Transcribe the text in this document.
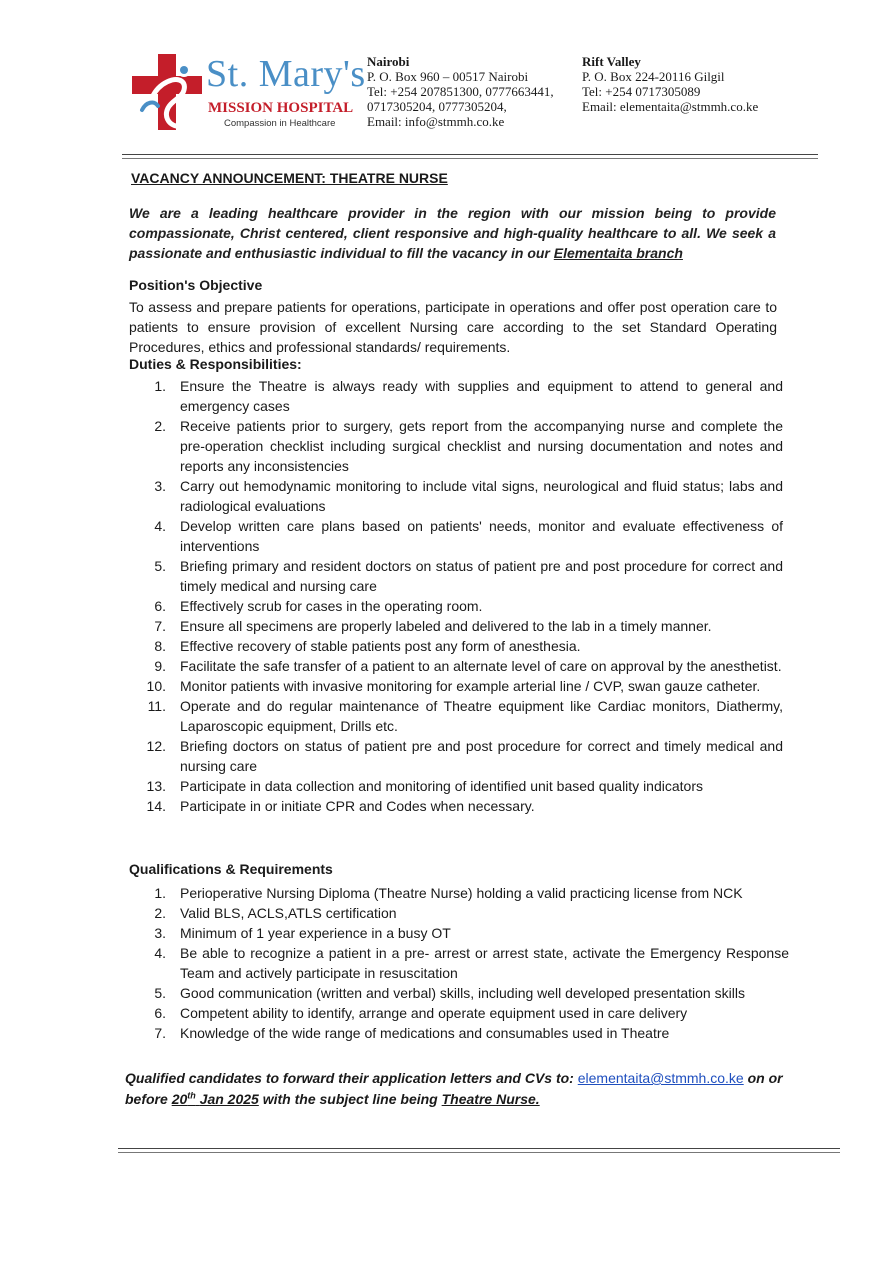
St. Mary's
MISSION HOSPITAL
Compassion in Healthcare
Nairobi
P. O. Box 960 – 00517 Nairobi
Tel: +254 207851300, 0777663441,
0717305204, 0777305204,
Email: info@stmmh.co.ke
Rift Valley
P. O. Box 224-20116 Gilgil
Tel: +254 0717305089
Email: elementaita@stmmh.co.ke
VACANCY ANNOUNCEMENT: THEATRE NURSE
We are a leading healthcare provider in the region with our mission being to provide compassionate, Christ centered, client responsive and high-quality healthcare to all. We seek a passionate and enthusiastic individual to fill the vacancy in our Elementaita branch
Position's Objective
To assess and prepare patients for operations, participate in operations and offer post operation care to patients to ensure provision of excellent Nursing care according to the set Standard Operating Procedures, ethics and professional standards/ requirements.
Duties & Responsibilities:
1. Ensure the Theatre is always ready with supplies and equipment to attend to general and emergency cases
2. Receive patients prior to surgery, gets report from the accompanying nurse and complete the pre-operation checklist including surgical checklist and nursing documentation and notes and reports any inconsistencies
3. Carry out hemodynamic monitoring to include vital signs, neurological and fluid status; labs and radiological evaluations
4. Develop written care plans based on patients' needs, monitor and evaluate effectiveness of interventions
5. Briefing primary and resident doctors on status of patient pre and post procedure for correct and timely medical and nursing care
6. Effectively scrub for cases in the operating room.
7. Ensure all specimens are properly labeled and delivered to the lab in a timely manner.
8. Effective recovery of stable patients post any form of anesthesia.
9. Facilitate the safe transfer of a patient to an alternate level of care on approval by the anesthetist.
10. Monitor patients with invasive monitoring for example arterial line / CVP, swan gauze catheter.
11. Operate and do regular maintenance of Theatre equipment like Cardiac monitors, Diathermy, Laparoscopic equipment, Drills etc.
12. Briefing doctors on status of patient pre and post procedure for correct and timely medical and nursing care
13. Participate in data collection and monitoring of identified unit based quality indicators
14. Participate in or initiate CPR and Codes when necessary.
Qualifications & Requirements
1. Perioperative Nursing Diploma (Theatre Nurse) holding a valid practicing license from NCK
2. Valid BLS, ACLS,ATLS certification
3. Minimum of 1 year experience in a busy OT
4. Be able to recognize a patient in a pre- arrest or arrest state, activate the Emergency Response Team and actively participate in resuscitation
5. Good communication (written and verbal) skills, including well developed presentation skills
6. Competent ability to identify, arrange and operate equipment used in care delivery
7. Knowledge of the wide range of medications and consumables used in Theatre
Qualified candidates to forward their application letters and CVs to: elementaita@stmmh.co.ke on or before 20th Jan 2025 with the subject line being Theatre Nurse.
